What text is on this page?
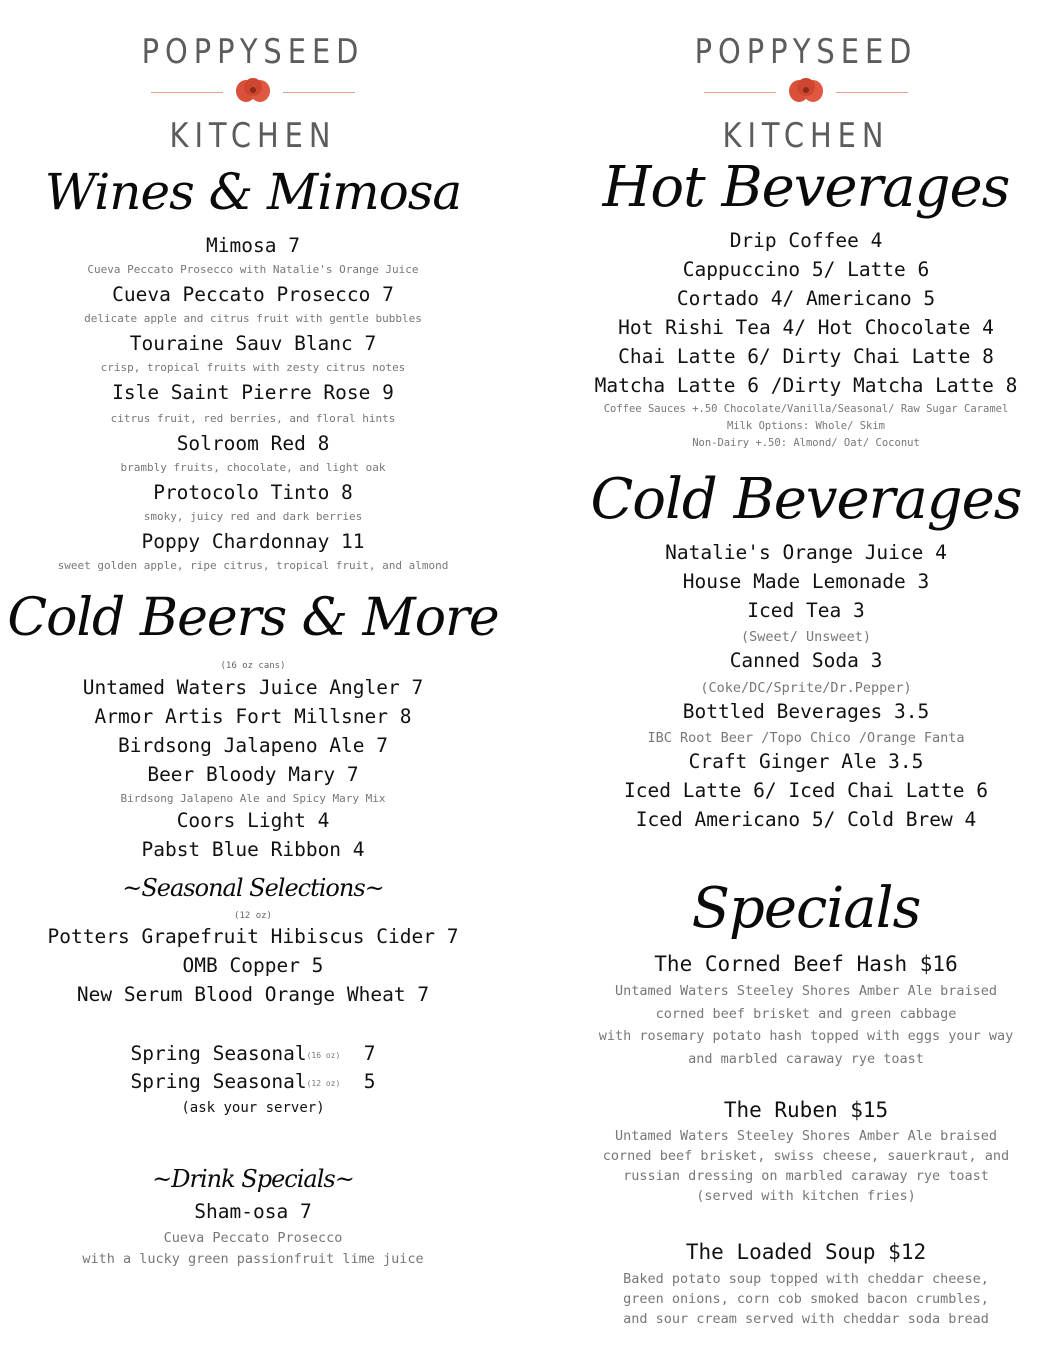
POPPYSEED
KITCHEN
Wines & Mimosa
Mimosa 7
Cueva Peccato Prosecco with Natalie's Orange Juice
Cueva Peccato Prosecco 7
delicate apple and citrus fruit with gentle bubbles
Touraine Sauv Blanc 7
crisp, tropical fruits with zesty citrus notes
Isle Saint Pierre Rose 9
citrus fruit, red berries, and floral hints
Solroom Red 8
brambly fruits, chocolate, and light oak
Protocolo Tinto 8
smoky, juicy red and dark berries
Poppy Chardonnay 11
sweet golden apple, ripe citrus, tropical fruit, and almond
Cold Beers & More
(16 oz cans)
Untamed Waters Juice Angler 7
Armor Artis Fort Millsner 8
Birdsong Jalapeno Ale 7
Beer Bloody Mary 7
Birdsong Jalapeno Ale and Spicy Mary Mix
Coors Light 4
Pabst Blue Ribbon 4
~Seasonal Selections~
(12 oz)
Potters Grapefruit Hibiscus Cider 7
OMB Copper 5
New Serum Blood Orange Wheat 7
Spring Seasonal(16 oz) 7
Spring Seasonal(12 oz) 5
(ask your server)
~Drink Specials~
Sham-osa 7
Cueva Peccato Prosecco
with a lucky green passionfruit lime juice
POPPYSEED
KITCHEN
Hot Beverages
Drip Coffee 4
Cappuccino 5/ Latte 6
Cortado 4/ Americano 5
Hot Rishi Tea 4/ Hot Chocolate 4
Chai Latte 6/ Dirty Chai Latte 8
Matcha Latte 6 /Dirty Matcha Latte 8
Coffee Sauces +.50 Chocolate/Vanilla/Seasonal/ Raw Sugar Caramel
Milk Options: Whole/ Skim
Non-Dairy +.50: Almond/ Oat/ Coconut
Cold Beverages
Natalie's Orange Juice 4
House Made Lemonade 3
Iced Tea 3
(Sweet/ Unsweet)
Canned Soda 3
(Coke/DC/Sprite/Dr.Pepper)
Bottled Beverages 3.5
IBC Root Beer /Topo Chico /Orange Fanta
Craft Ginger Ale 3.5
Iced Latte 6/ Iced Chai Latte 6
Iced Americano 5/ Cold Brew 4
Specials
The Corned Beef Hash $16
Untamed Waters Steeley Shores Amber Ale braised
corned beef brisket and green cabbage
with rosemary potato hash topped with eggs your way
and marbled caraway rye toast
The Ruben $15
Untamed Waters Steeley Shores Amber Ale braised
corned beef brisket, swiss cheese, sauerkraut, and
russian dressing on marbled caraway rye toast
(served with kitchen fries)
The Loaded Soup $12
Baked potato soup topped with cheddar cheese,
green onions, corn cob smoked bacon crumbles,
and sour cream served with cheddar soda bread
